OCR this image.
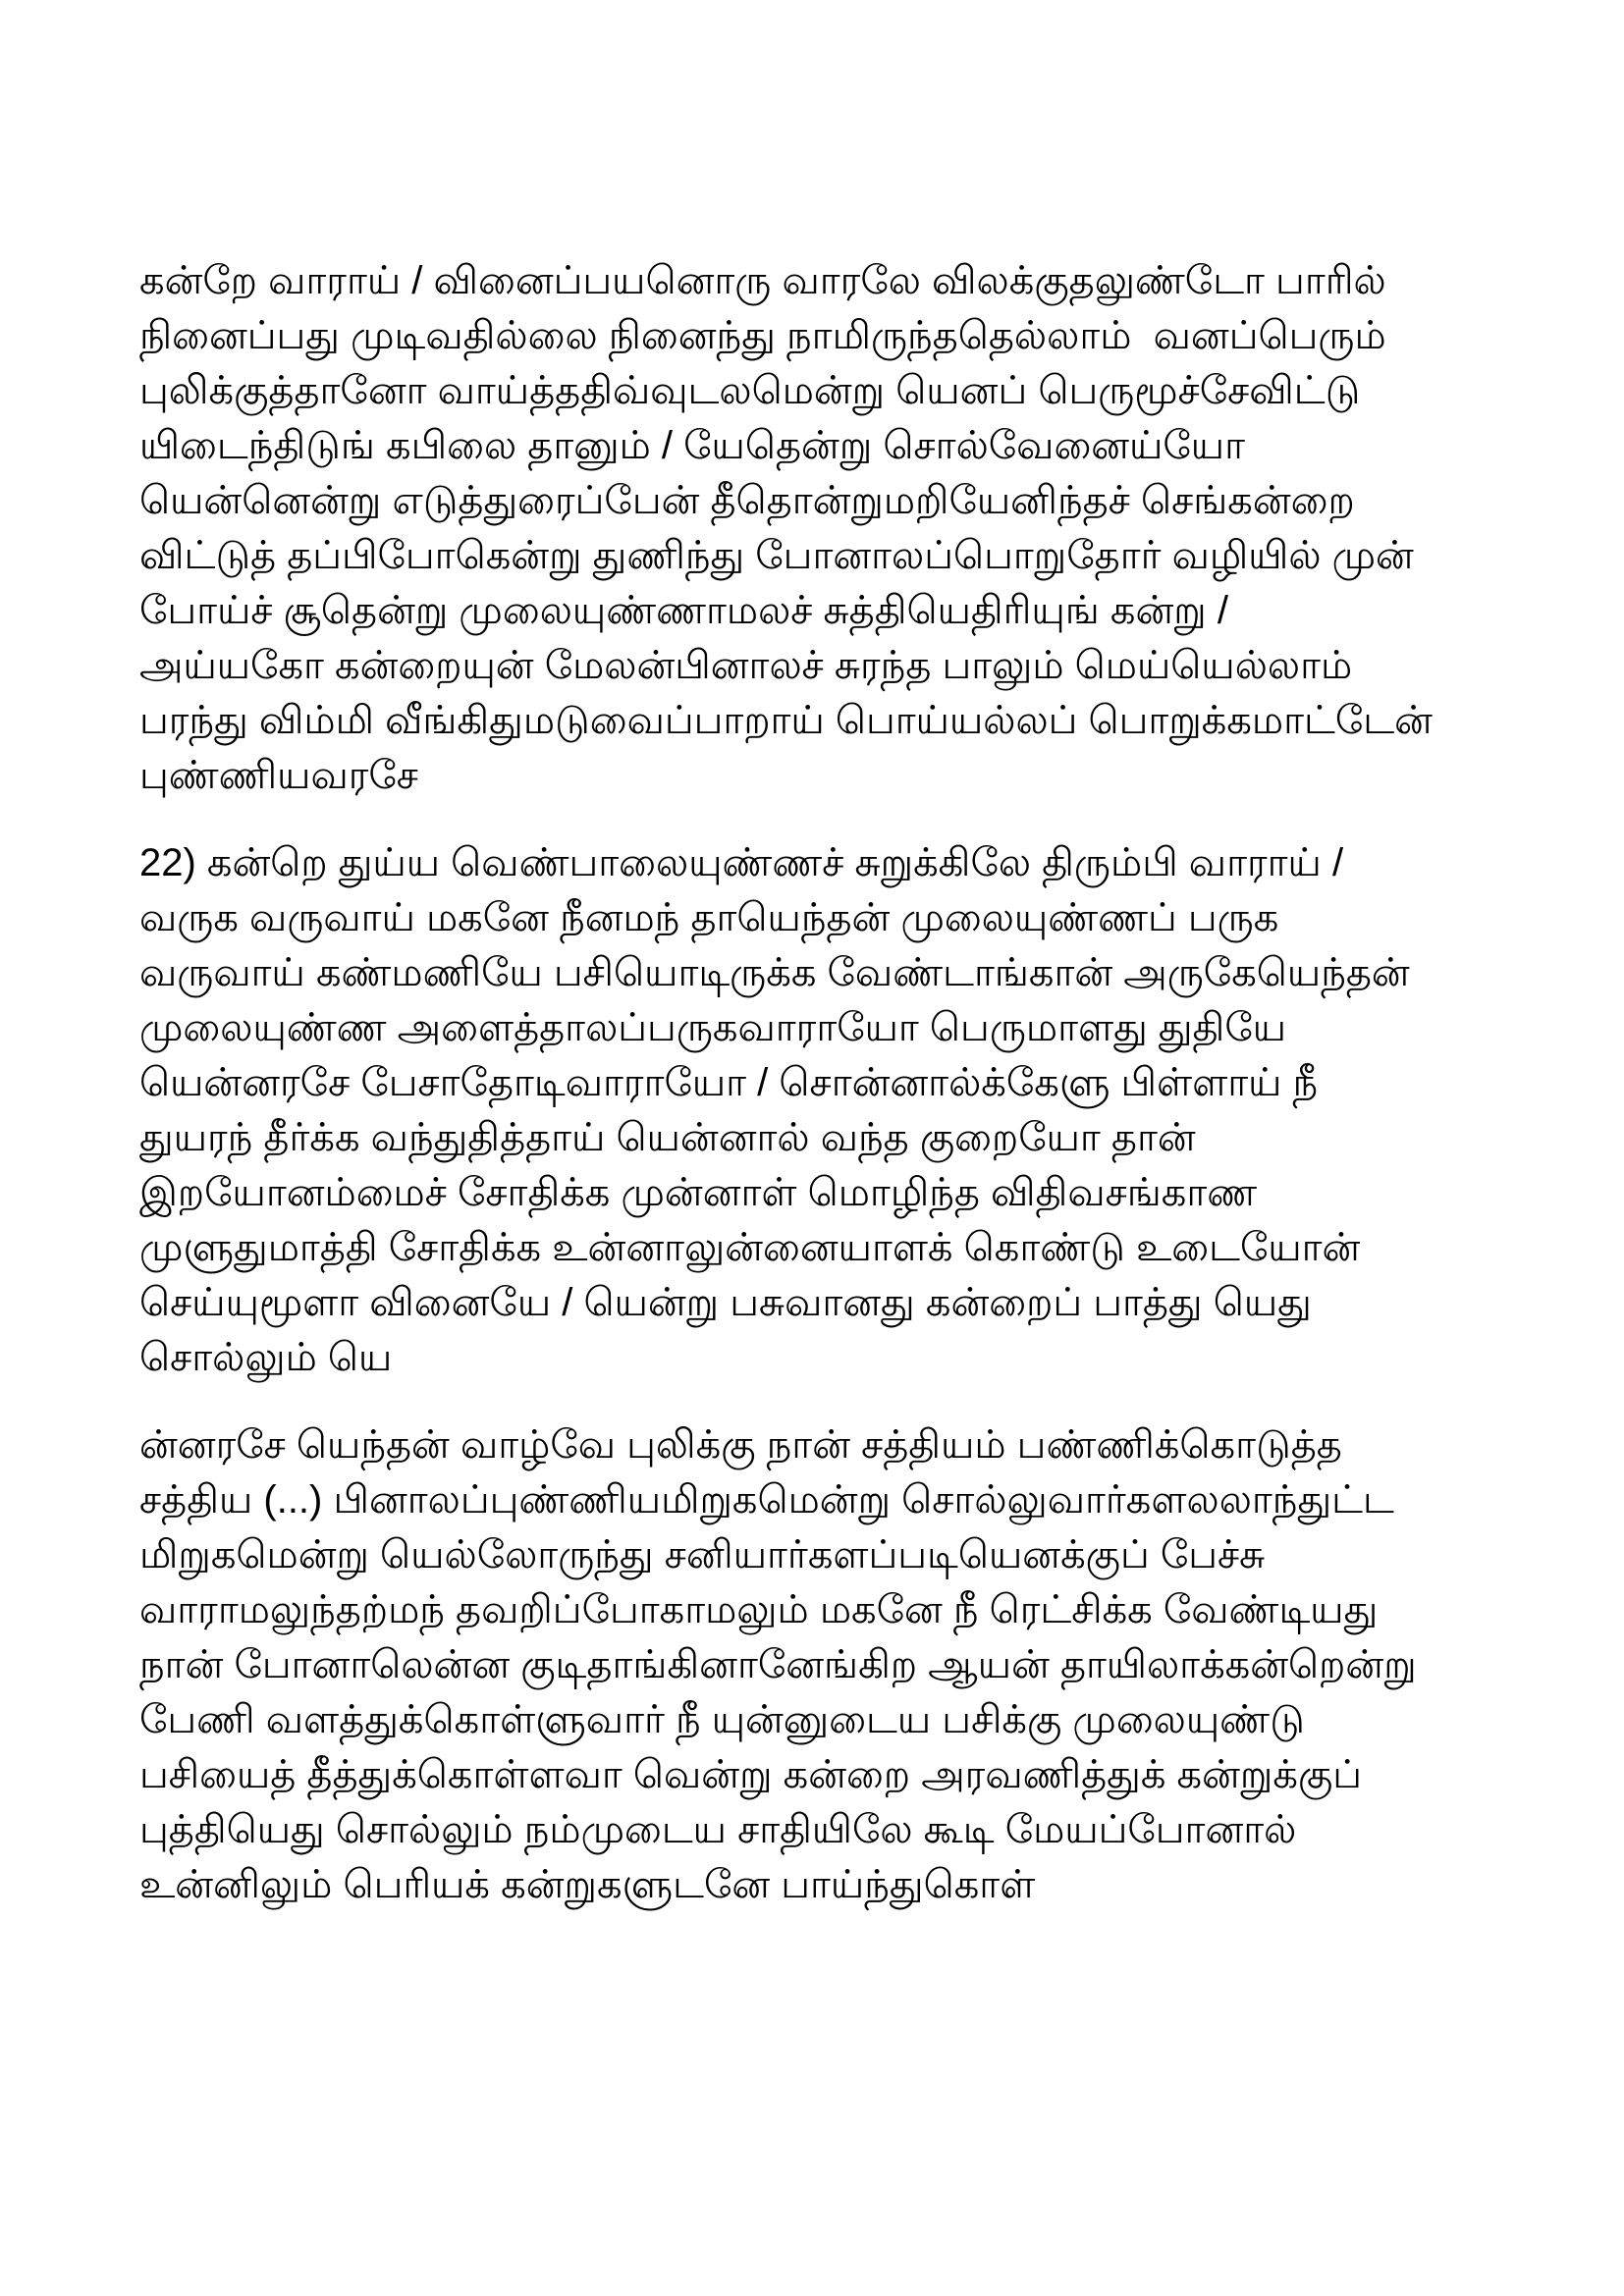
கன்றே வாராய் / வினைப்பயனொரு வாரலே விலக்குதலுண்டோ பாரில்
நினைப்பது முடிவதில்லை நினைந்து நாமிருந்ததெல்லாம்  வனப்பெரும்
புலிக்குத்தானோ வாய்த்ததிவ்வுடலமென்று யெனப் பெருமூச்சேவிட்டு
யிடைந்திடுங் கபிலை தானும் / யேதென்று சொல்வேனைய்யோ
யென்னென்று எடுத்துரைப்பேன் தீதொன்றுமறியேனிந்தச் செங்கன்றை
விட்டுத் தப்பிபோகென்று துணிந்து போனாலப்பொறுதோர் வழியில் முன்
போய்ச் சூதென்று முலையுண்ணாமலச் சுத்தியெதிரியுங் கன்று /
அய்யகோ கன்றையுன் மேலன்பினாலச் சுரந்த பாலும் மெய்யெல்லாம்
பரந்து விம்மி வீங்கிதுமடுவைப்பாறாய் பொய்யல்லப் பொறுக்கமாட்டேன்
புண்ணியவரசே
22) கன்றெ துய்ய வெண்பாலையுண்ணச் சுறுக்கிலே திரும்பி வாராய் /
வருக வருவாய் மகனே நீனமந் தாயெந்தன் முலையுண்ணப் பருக
வருவாய் கண்மணியே பசியொடிருக்க வேண்டாங்கான் அருகேயெந்தன்
முலையுண்ண அளைத்தாலப்பருகவாராயோ பெருமாளது துதியே
யென்னரசே பேசாதோடிவாராயோ / சொன்னால்க்கேளு பிள்ளாய் நீ
துயரந் தீர்க்க வந்துதித்தாய் யென்னால் வந்த குறையோ தான்
இறயோனம்மைச் சோதிக்க முன்னாள் மொழிந்த விதிவசங்காண
முளுதுமாத்தி சோதிக்க உன்னாலுன்னையாளக் கொண்டு உடையோன்
செய்யுமூளா வினையே / யென்று பசுவானது கன்றைப் பாத்து யெது
சொல்லும் யெ
ன்னரசே யெந்தன் வாழ்வே புலிக்கு நான் சத்தியம் பண்ணிக்கொடுத்த
சத்திய (...) பினாலப்புண்ணியமிறுகமென்று சொல்லுவார்களலலாந்துட்ட
மிறுகமென்று யெல்லோருந்து சனியார்களப்படியெனக்குப் பேச்சு
வாராமலுந்தற்மந் தவறிப்போகாமலும் மகனே நீ ரெட்சிக்க வேண்டியது
நான் போனாலென்ன குடிதாங்கினானேங்கிற ஆயன் தாயிலாக்கன்றென்று
பேணி வளத்துக்கொள்ளுவார் நீ யுன்னுடைய பசிக்கு முலையுண்டு
பசியைத் தீத்துக்கொள்ளவா வென்று கன்றை அரவணித்துக் கன்றுக்குப்
புத்தியெது சொல்லும் நம்முடைய சாதியிலே கூடி மேயப்போனால்
உன்னிலும் பெரியக் கன்றுகளுடனே பாய்ந்துகொள்
